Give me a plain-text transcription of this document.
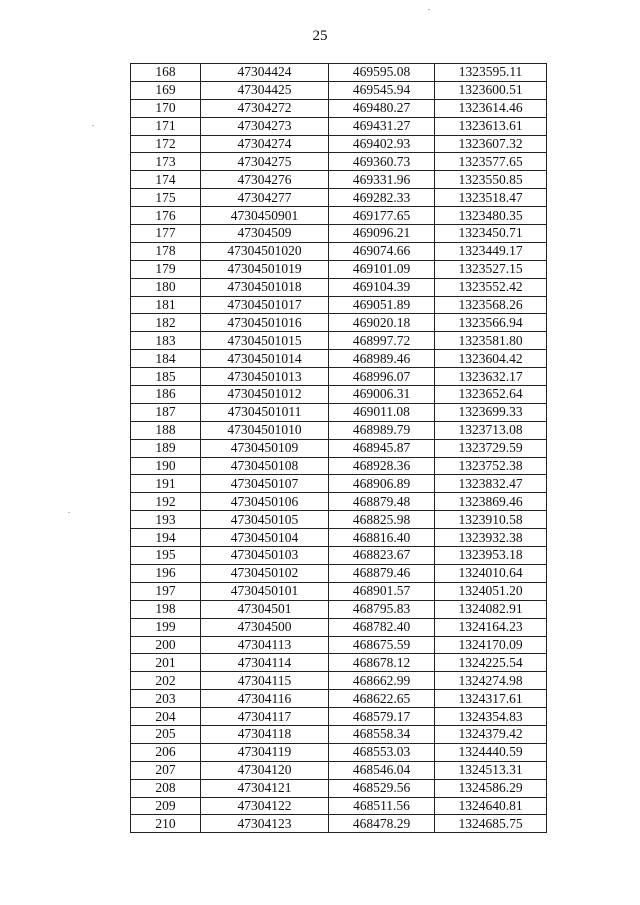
25
168	47304424	469595.08	1323595.11
169	47304425	469545.94	1323600.51
170	47304272	469480.27	1323614.46
171	47304273	469431.27	1323613.61
172	47304274	469402.93	1323607.32
173	47304275	469360.73	1323577.65
174	47304276	469331.96	1323550.85
175	47304277	469282.33	1323518.47
176	4730450901	469177.65	1323480.35
177	47304509	469096.21	1323450.71
178	47304501020	469074.66	1323449.17
179	47304501019	469101.09	1323527.15
180	47304501018	469104.39	1323552.42
181	47304501017	469051.89	1323568.26
182	47304501016	469020.18	1323566.94
183	47304501015	468997.72	1323581.80
184	47304501014	468989.46	1323604.42
185	47304501013	468996.07	1323632.17
186	47304501012	469006.31	1323652.64
187	47304501011	469011.08	1323699.33
188	47304501010	468989.79	1323713.08
189	4730450109	468945.87	1323729.59
190	4730450108	468928.36	1323752.38
191	4730450107	468906.89	1323832.47
192	4730450106	468879.48	1323869.46
193	4730450105	468825.98	1323910.58
194	4730450104	468816.40	1323932.38
195	4730450103	468823.67	1323953.18
196	4730450102	468879.46	1324010.64
197	4730450101	468901.57	1324051.20
198	47304501	468795.83	1324082.91
199	47304500	468782.40	1324164.23
200	47304113	468675.59	1324170.09
201	47304114	468678.12	1324225.54
202	47304115	468662.99	1324274.98
203	47304116	468622.65	1324317.61
204	47304117	468579.17	1324354.83
205	47304118	468558.34	1324379.42
206	47304119	468553.03	1324440.59
207	47304120	468546.04	1324513.31
208	47304121	468529.56	1324586.29
209	47304122	468511.56	1324640.81
210	47304123	468478.29	1324685.75
